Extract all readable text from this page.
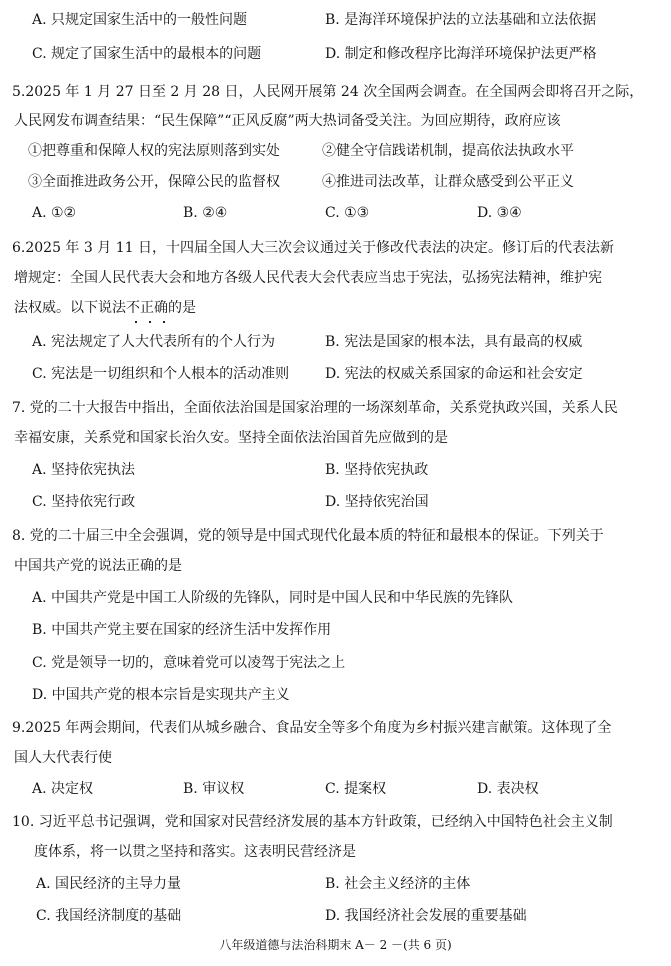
A. 只规定国家生活中的一般性问题	B. 是海洋环境保护法的立法基础和立法依据
C. 规定了国家生活中的最根本的问题	D. 制定和修改程序比海洋环境保护法更严格
5.2025 年 1 月 27 日至 2 月 28 日，人民网开展第 24 次全国两会调查。在全国两会即将召开之际，
人民网发布调查结果：“民生保障”“正风反腐”两大热词备受关注。为回应期待，政府应该
①把尊重和保障人权的宪法原则落到实处	②健全守信践诺机制，提高依法执政水平
③全面推进政务公开，保障公民的监督权	④推进司法改革，让群众感受到公平正义
A. ①②	B. ②④	C. ①③	D. ③④
6.2025 年 3 月 11 日，十四届全国人大三次会议通过关于修改代表法的决定。修订后的代表法新
增规定：全国人民代表大会和地方各级人民代表大会代表应当忠于宪法，弘扬宪法精神，维护宪
法权威。以下说法不正确的是
A. 宪法规定了人大代表所有的个人行为	B. 宪法是国家的根本法，具有最高的权威
C. 宪法是一切组织和个人根本的活动准则	D. 宪法的权威关系国家的命运和社会安定
7. 党的二十大报告中指出，全面依法治国是国家治理的一场深刻革命，关系党执政兴国，关系人民
幸福安康，关系党和国家长治久安。坚持全面依法治国首先应做到的是
A. 坚持依宪执法	B. 坚持依宪执政
C. 坚持依宪行政	D. 坚持依宪治国
8. 党的二十届三中全会强调，党的领导是中国式现代化最本质的特征和最根本的保证。下列关于
中国共产党的说法正确的是
A. 中国共产党是中国工人阶级的先锋队，同时是中国人民和中华民族的先锋队
B. 中国共产党主要在国家的经济生活中发挥作用
C. 党是领导一切的，意味着党可以凌驾于宪法之上
D. 中国共产党的根本宗旨是实现共产主义
9.2025 年两会期间，代表们从城乡融合、食品安全等多个角度为乡村振兴建言献策。这体现了全
国人大代表行使
A. 决定权	B. 审议权	C. 提案权	D. 表决权
10. 习近平总书记强调，党和国家对民营经济发展的基本方针政策，已经纳入中国特色社会主义制
度体系，将一以贯之坚持和落实。这表明民营经济是
A. 国民经济的主导力量	B. 社会主义经济的主体
C. 我国经济制度的基础	D. 我国经济社会发展的重要基础
八年级道德与法治科期末 A－ 2 －(共 6 页)
